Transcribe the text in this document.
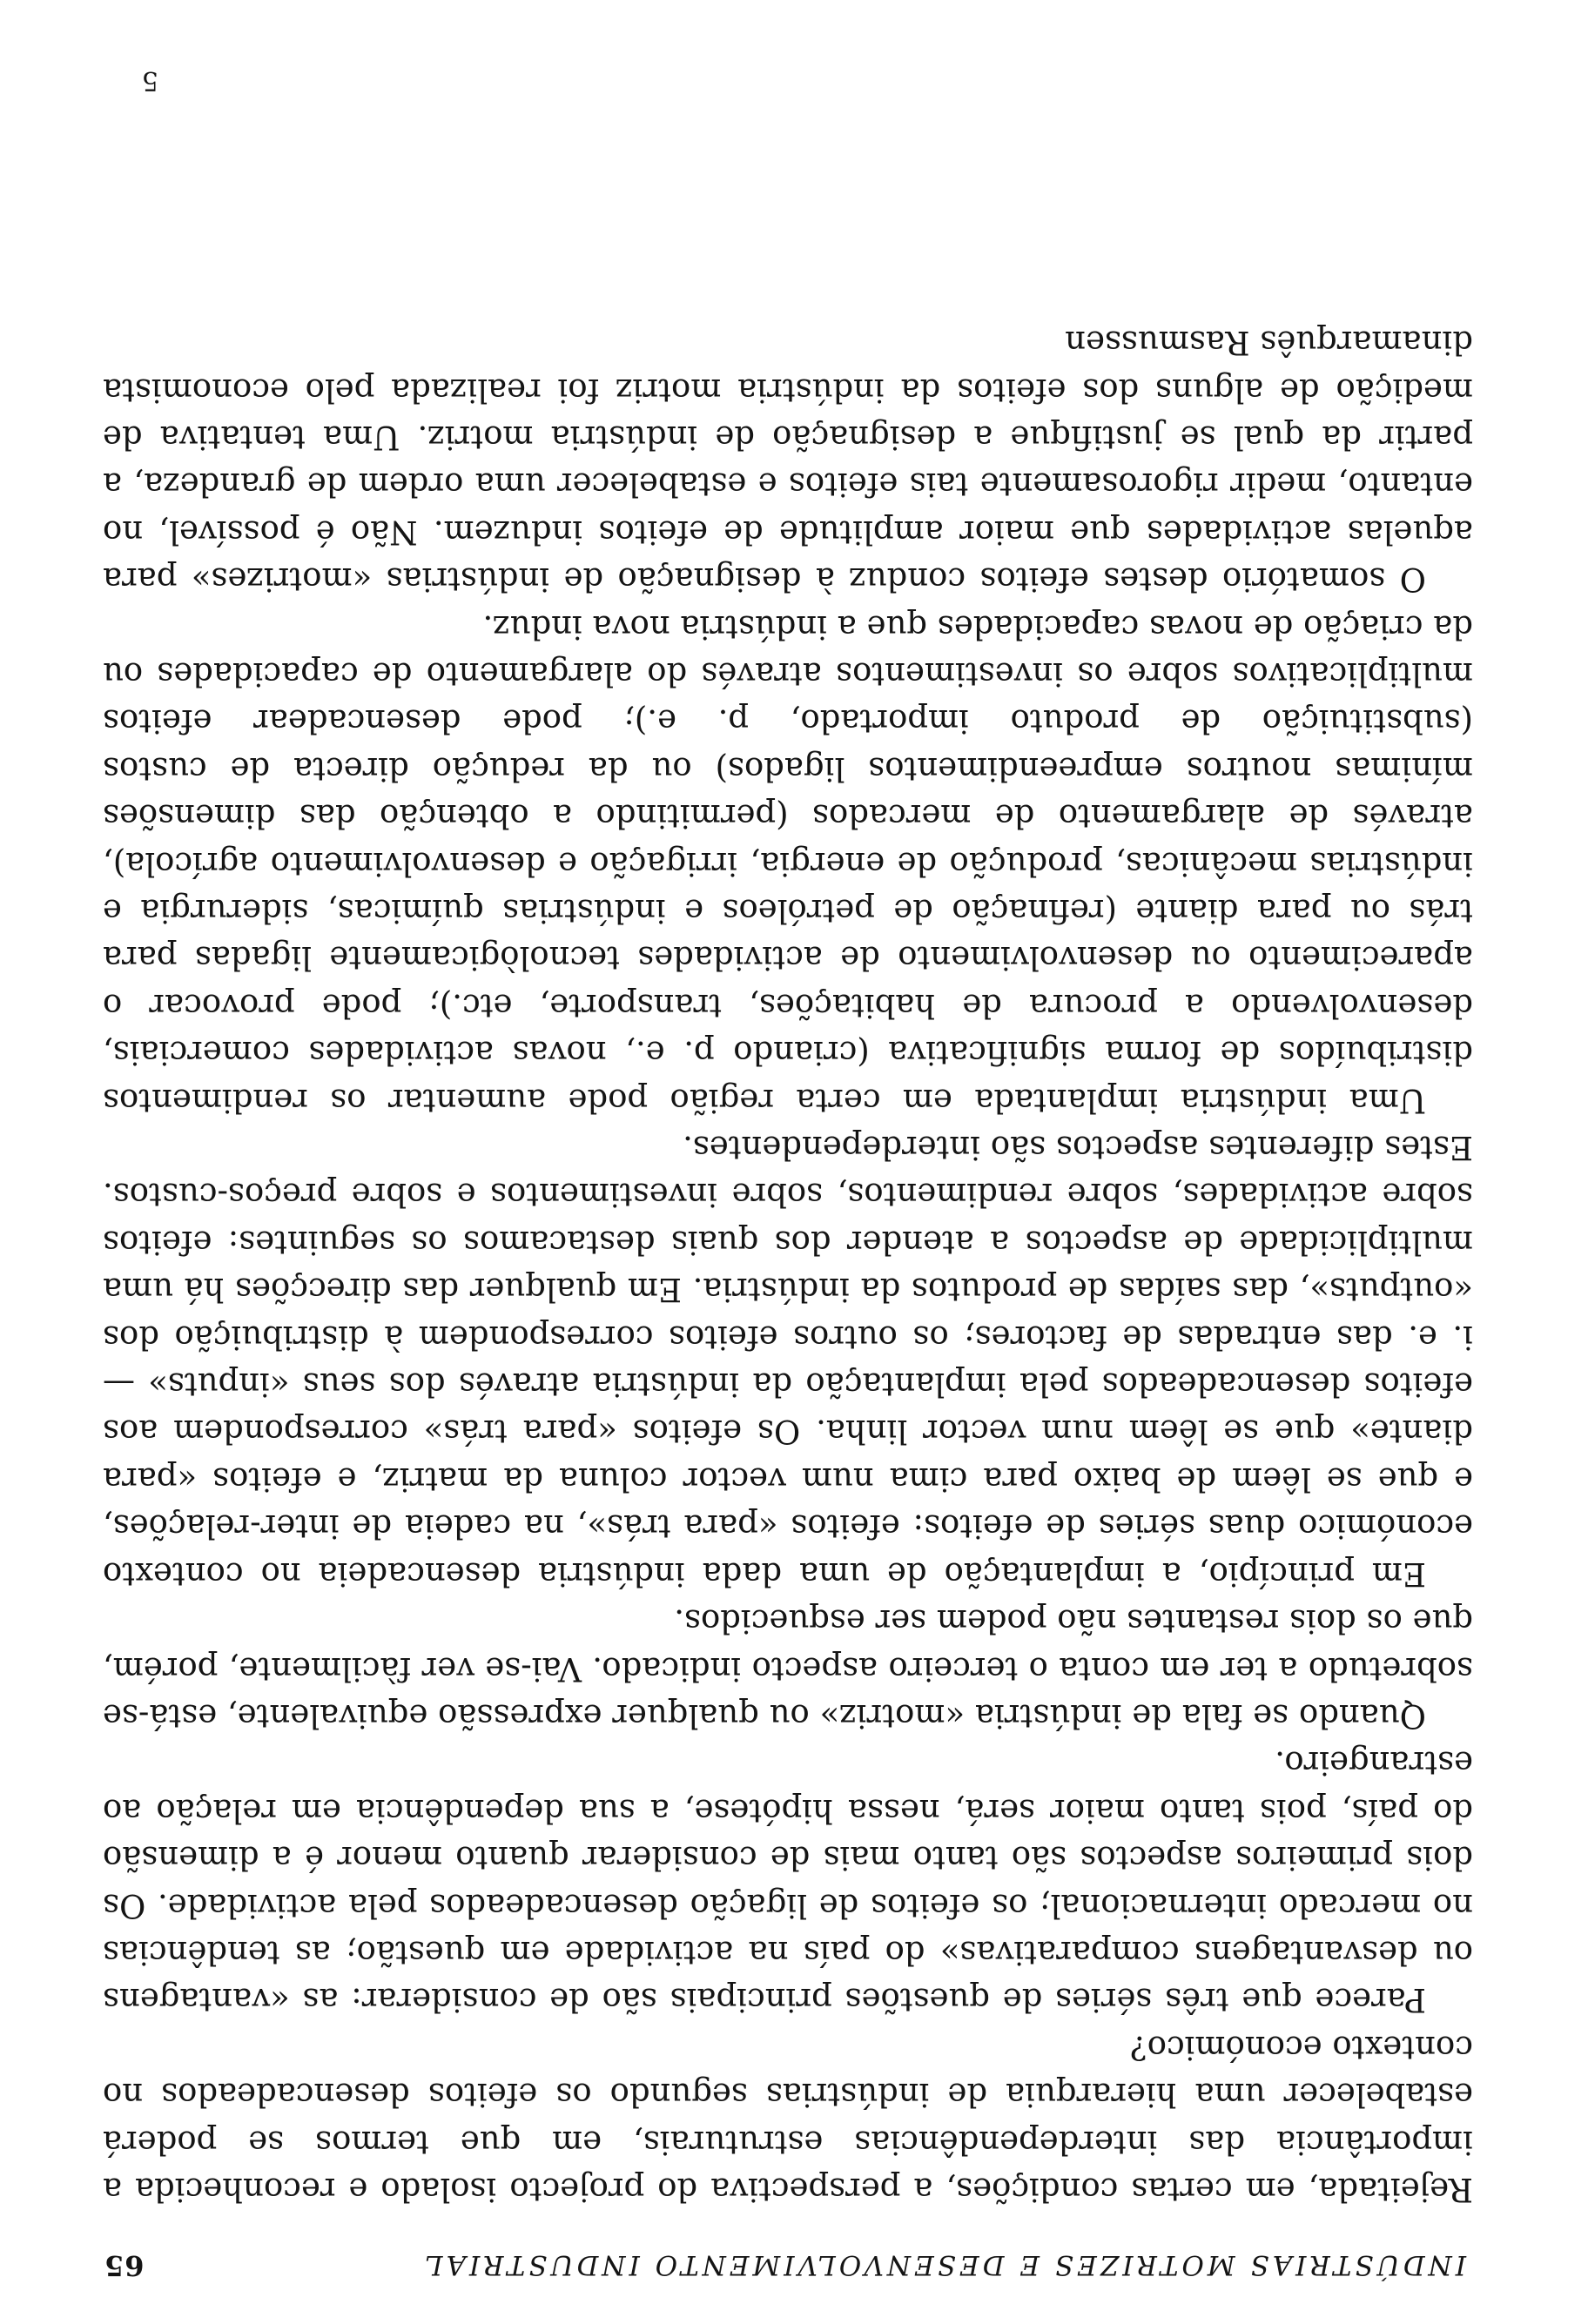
INDÚSTRIAS MOTRIZES E DESENVOLVIMENTO INDUSTRIAL
65

Rejeitada, em certas condições, a perspectiva do projecto isolado e reconhecida a importância das interdependências estruturais, em que termos se poderá estabelecer uma hierarquia de indústrias segundo os efeitos desencadeados no contexto económico?

Parece que três séries de questões principais são de considerar: as «vantagens ou desvantagens comparativas» do país na actividade em questão; as tendências no mercado internacional; os efeitos de ligação desencadeados pela actividade. Os dois primeiros aspectos são tanto mais de considerar quanto menor é a dimensão do país, pois tanto maior será, nessa hipótese, a sua dependência em relação ao estrangeiro.

Quando se fala de indústria «motriz» ou qualquer expressão equivalente, está-se sobretudo a ter em conta o terceiro aspecto indicado. Vai-se ver fàcilmente, porém, que os dois restantes não podem ser esquecidos.

Em princípio, a implantação de uma dada indústria desencadeia no contexto económico duas séries de efeitos: efeitos «para trás», na cadeia de inter-relações, e que se lêem de baixo para cima num vector coluna da matriz, e efeitos «para diante» que se lêem num vector linha. Os efeitos «para trás» correspondem aos efeitos desencadeados pela implantação da indústria através dos seus «inputs» — i. e. das entradas de factores; os outros efeitos correspondem à distribuição dos «outputs», das saídas de produtos da indústria. Em qualquer das direcções há uma multiplicidade de aspectos a atender dos quais destacamos os seguintes: efeitos sobre actividades, sobre rendimentos, sobre investimentos e sobre preços-custos. Estes diferentes aspectos são interdependentes.

Uma indústria implantada em certa região pode aumentar os rendimentos distribuídos de forma significativa (criando p. e., novas actividades comerciais, desenvolvendo a procura de habitações, transporte, etc.); pode provocar o aparecimento ou desenvolvimento de actividades tecnològicamente ligadas para trás ou para diante (refinação de petróleos e indústrias químicas, siderurgia e indústrias mecânicas, produção de energia, irrigação e desenvolvimento agrícola), através de alargamento de mercados (permitindo a obtenção das dimensões mínimas noutros empreendimentos ligados) ou da redução directa de custos (substituição de produto importado, p. e.); pode desencadear efeitos multiplicativos sobre os investimentos através do alargamento de capacidades ou da criação de novas capacidades que a indústria nova induz.

O somatório destes efeitos conduz à designação de indústrias «motrizes» para aquelas actividades que maior amplitude de efeitos induzem. Não é possível, no entanto, medir rigorosamente tais efeitos e estabelecer uma ordem de grandeza, a partir da qual se justifique a designação de indústria motriz. Uma tentativa de medição de alguns dos efeitos da indústria motriz foi realizada pelo economista dinamarquês Rasmussen

5
